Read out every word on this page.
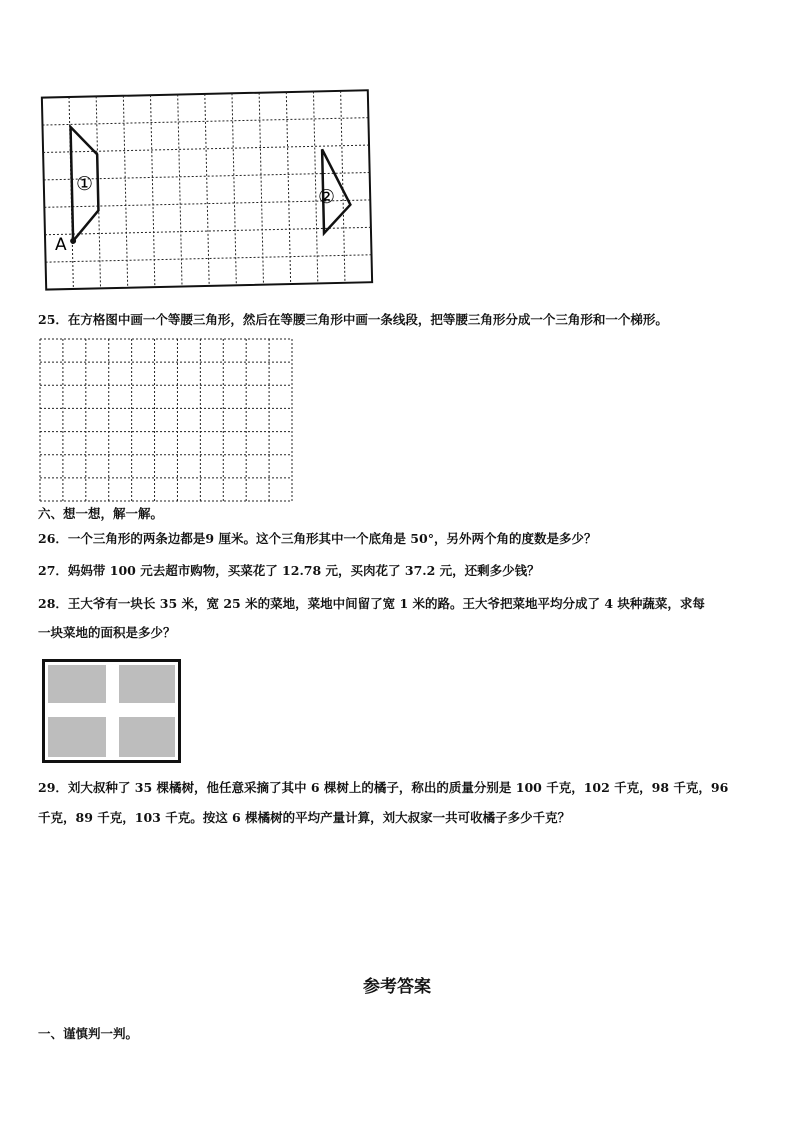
①
②
A
25．在方格图中画一个等腰三角形，然后在等腰三角形中画一条线段，把等腰三角形分成一个三角形和一个梯形。
六、想一想，解一解。
26．一个三角形的两条边都是9 厘米。这个三角形其中一个底角是 50°，另外两个角的度数是多少？
27．妈妈带 100 元去超市购物，买菜花了 12.78 元，买肉花了 37.2 元，还剩多少钱？
28．王大爷有一块长 35 米，宽 25 米的菜地，菜地中间留了宽 1 米的路。王大爷把菜地平均分成了 4 块种蔬菜，求每
一块菜地的面积是多少？
29．刘大叔种了 35 棵橘树，他任意采摘了其中 6 棵树上的橘子，称出的质量分别是 100 千克，102 千克，98 千克，96
千克，89 千克，103 千克。按这 6 棵橘树的平均产量计算，刘大叔家一共可收橘子多少千克？
参考答案
一、谨慎判一判。
